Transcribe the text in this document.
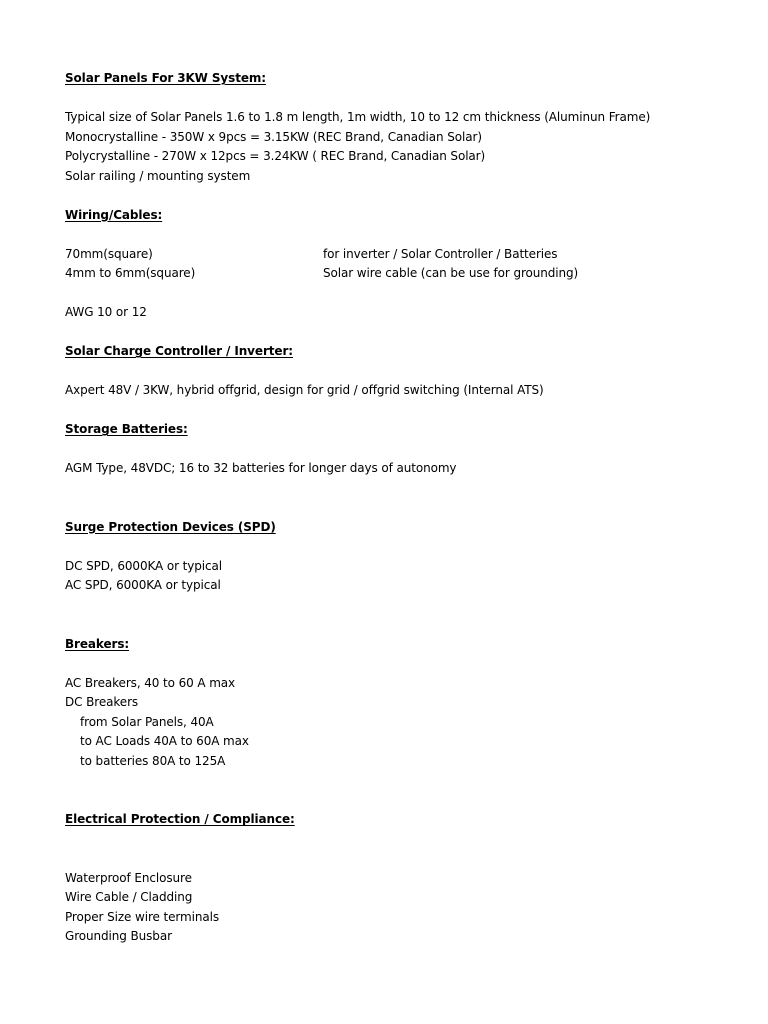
Solar Panels For 3KW System:
Typical size of Solar Panels 1.6 to 1.8 m length, 1m width, 10 to 12 cm thickness (Aluminun Frame)
Monocrystalline - 350W x 9pcs = 3.15KW (REC Brand, Canadian Solar)
Polycrystalline - 270W x 12pcs = 3.24KW ( REC Brand, Canadian Solar)
Solar railing / mounting system
Wiring/Cables:
70mm(square)	for inverter / Solar Controller / Batteries
4mm to 6mm(square)	Solar wire cable (can be use for grounding)
AWG 10 or 12
Solar Charge Controller / Inverter:
Axpert 48V / 3KW, hybrid offgrid, design for grid / offgrid switching (Internal ATS)
Storage Batteries:
AGM Type, 48VDC; 16 to 32 batteries for longer days of autonomy
Surge Protection Devices (SPD)
DC SPD, 6000KA or typical
AC SPD, 6000KA or typical
Breakers:
AC Breakers, 40 to 60 A max
DC Breakers
from Solar Panels, 40A
to AC Loads 40A to 60A max
to batteries 80A to 125A
Electrical Protection / Compliance:
Waterproof Enclosure
Wire Cable / Cladding
Proper Size wire terminals
Grounding Busbar
